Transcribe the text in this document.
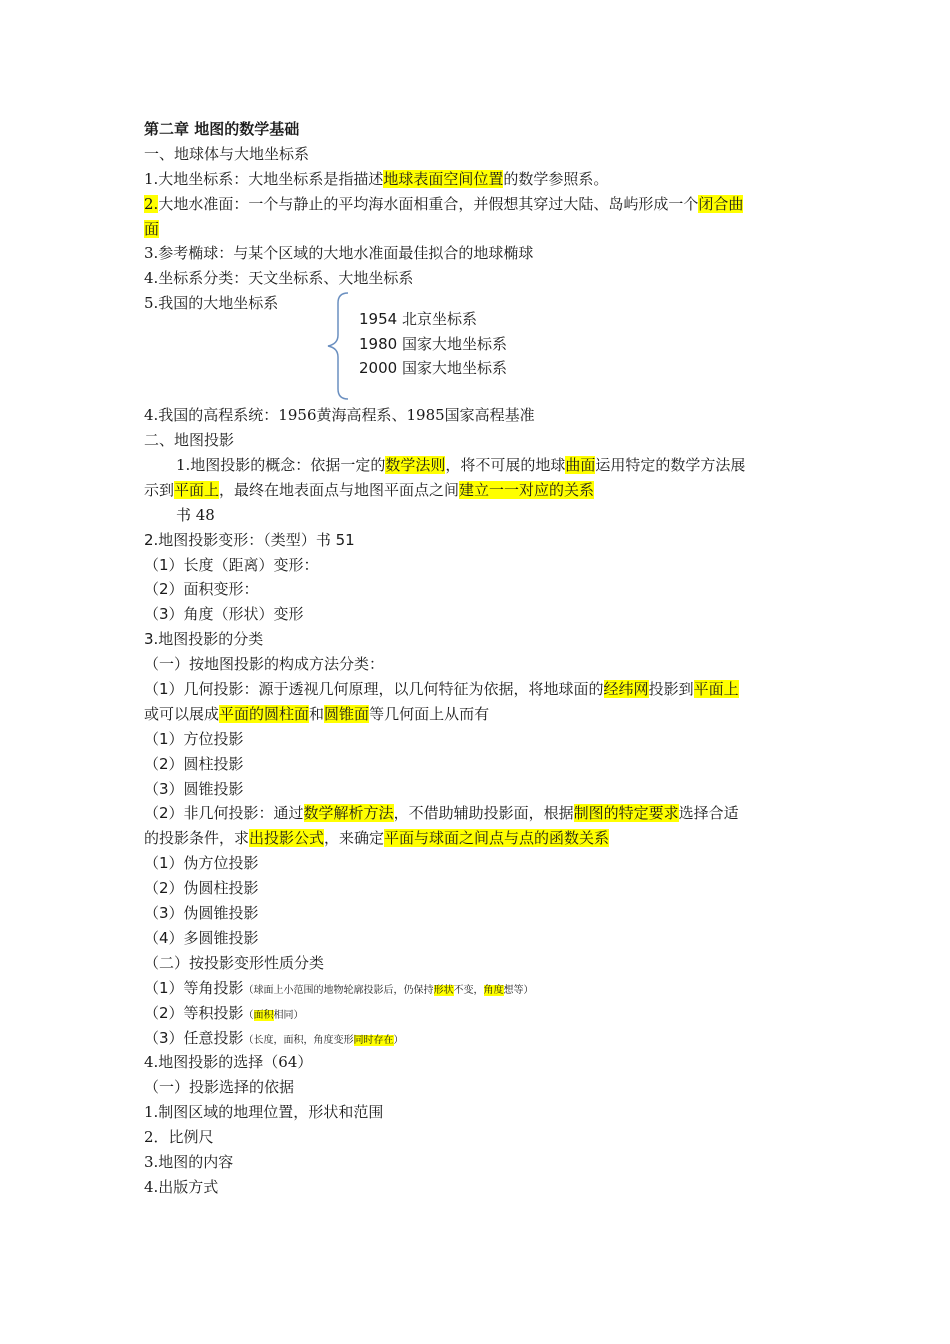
第二章 地图的数学基础
一、地球体与大地坐标系
1.大地坐标系：大地坐标系是指描述地球表面空间位置的数学参照系。
2.大地水准面：一个与静止的平均海水面相重合，并假想其穿过大陆、岛屿形成一个闭合曲
面
3.参考椭球：与某个区域的大地水准面最佳拟合的地球椭球
4.坐标系分类：天文坐标系、大地坐标系
5.我国的大地坐标系
1954 北京坐标系
1980 国家大地坐标系
2000 国家大地坐标系
4.我国的高程系统：1956黄海高程系、1985国家高程基准
二、地图投影
1.地图投影的概念：依据一定的数学法则，将不可展的地球曲面运用特定的数学方法展
示到平面上，最终在地表面点与地图平面点之间建立一一对应的关系
书 48
2.地图投影变形：（类型）书 51
（1）长度（距离）变形：
（2）面积变形：
（3）角度（形状）变形
3.地图投影的分类
（一）按地图投影的构成方法分类：
（1）几何投影：源于透视几何原理，以几何特征为依据，将地球面的经纬网投影到平面上
或可以展成平面的圆柱面和圆锥面等几何面上从而有
（1）方位投影
（2）圆柱投影
（3）圆锥投影
（2）非几何投影：通过数学解析方法，不借助辅助投影面，根据制图的特定要求选择合适
的投影条件，求出投影公式，来确定平面与球面之间点与点的函数关系
（1）伪方位投影
（2）伪圆柱投影
（3）伪圆锥投影
（4）多圆锥投影
（二）按投影变形性质分类
（1）等角投影（球面上小范围的地物轮廓投影后，仍保持形状不变，角度想等）
（2）等积投影（面积相同）
（3）任意投影（长度，面积，角度变形同时存在）
4.地图投影的选择（64）
（一）投影选择的依据
1.制图区域的地理位置，形状和范围
2．比例尺
3.地图的内容
4.出版方式
